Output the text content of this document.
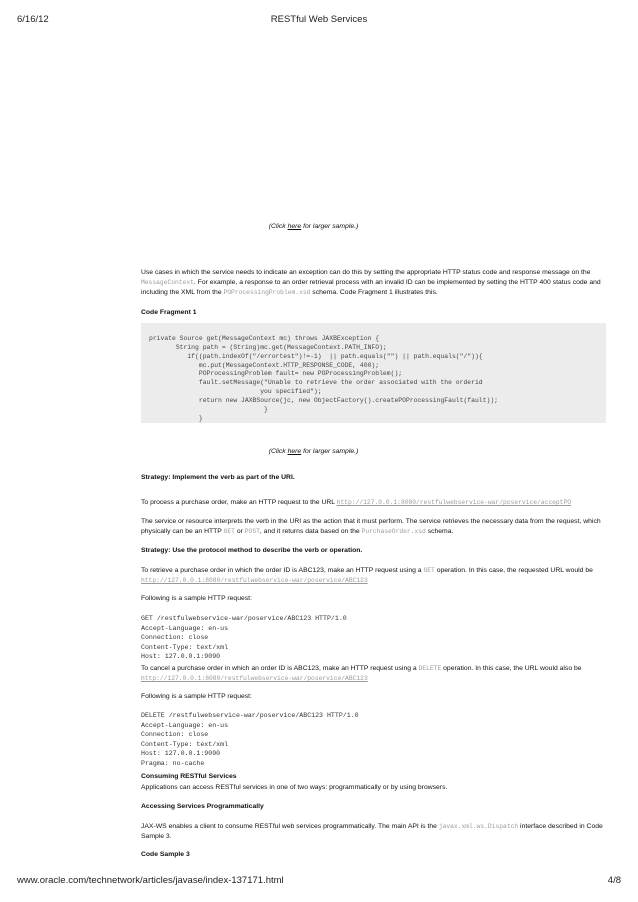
6/16/12	RESTful Web Services
(Click here for larger sample.)
Use cases in which the service needs to indicate an exception can do this by setting the appropriate HTTP status code and response message on the MessageContext. For example, a response to an order retrieval process with an invalid ID can be implemented by setting the HTTP 400 status code and including the XML from the POProcessingProblem.xsd schema. Code Fragment 1 illustrates this.
Code Fragment 1
private Source get(MessageContext mc) throws JAXBException {
String path = (String)mc.get(MessageContext.PATH_INFO);
if((path.indexOf("/errortest")!=-1)  || path.equals("") || path.equals("/")){
mc.put(MessageContext.HTTP_RESPONSE_CODE, 400);
POProcessingProblem fault= new POProcessingProblem();
fault.setMessage("Unable to retrieve the order associated with the orderid
you specified");
return new JAXBSource(jc, new ObjectFactory().createPOProcessingFault(fault));
}
}
(Click here for larger sample.)
Strategy: Implement the verb as part of the URI.
To process a purchase order, make an HTTP request to the URL http://127.0.0.1:8080/restfulwebservice-war/poservice/acceptPO
The service or resource interprets the verb in the URI as the action that it must perform. The service retrieves the necessary data from the request, which physically can be an HTTP GET or POST, and it returns data based on the PurchaseOrder.xsd schema.
Strategy: Use the protocol method to describe the verb or operation.
To retrieve a purchase order in which the order ID is ABC123, make an HTTP request using a GET operation. In this case, the requested URL would be http://127.0.0.1:8080/restfulwebservice-war/poservice/ABC123
Following is a sample HTTP request:
GET /restfulwebservice-war/poservice/ABC123 HTTP/1.0
Accept-Language: en-us
Connection: close
Content-Type: text/xml
Host: 127.0.0.1:9090
To cancel a purchase order in which an order ID is ABC123, make an HTTP request using a DELETE operation. In this case, the URL would also be http://127.0.0.1:8080/restfulwebservice-war/poservice/ABC123
Following is a sample HTTP request:
DELETE /restfulwebservice-war/poservice/ABC123 HTTP/1.0
Accept-Language: en-us
Connection: close
Content-Type: text/xml
Host: 127.0.0.1:9090
Pragma: no-cache
Consuming RESTful Services
Applications can access RESTful services in one of two ways: programmatically or by using browsers.
Accessing Services Programmatically
JAX-WS enables a client to consume RESTful web services programmatically. The main API is the javax.xml.ws.Dispatch interface described in Code Sample 3.
Code Sample 3
www.oracle.com/technetwork/articles/javase/index-137171.html	4/8
